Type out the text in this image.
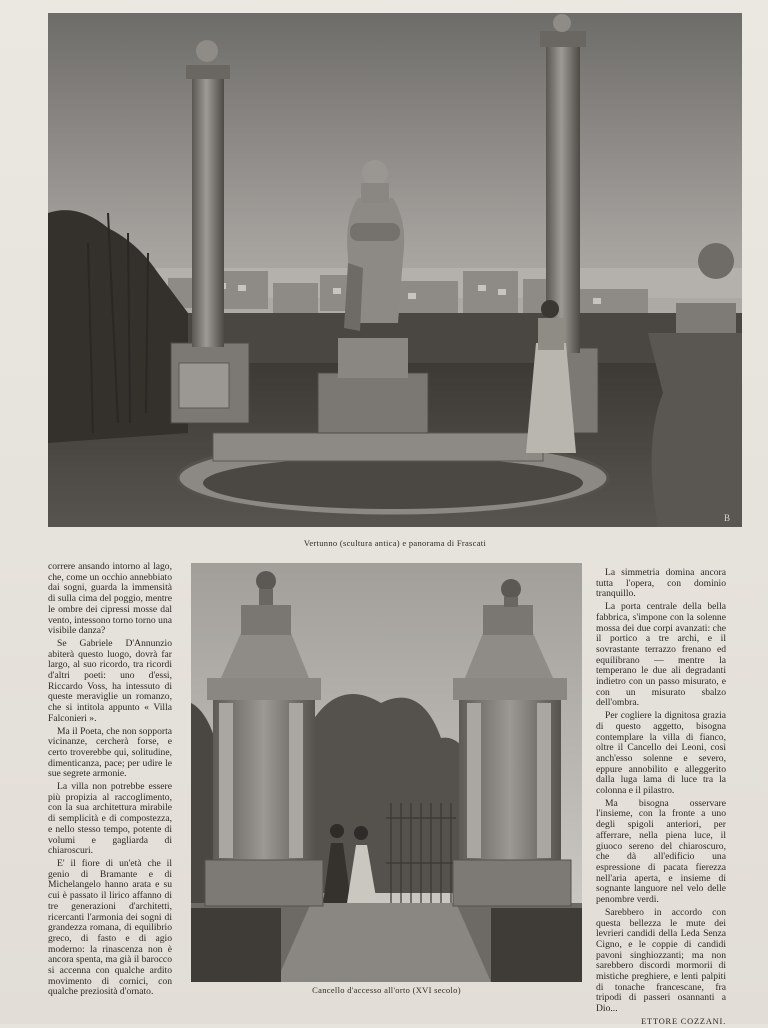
B
Vertunno (scultura antica) e panorama di Frascati

correre ansando intorno al lago, che, come un occhio annebbiato dai sogni, guarda la immensità di sulla cima del poggio, mentre le ombre dei cipressi mosse dal vento, intessono torno torno una visibile danza?

Se Gabriele D'Annunzio abiterà questo luogo, dovrà far largo, al suo ricordo, tra ricordi d'altri poeti: uno d'essi, Riccardo Voss, ha intessuto di queste meraviglie un romanzo, che si intitola appunto « Villa Falconieri ».

Ma il Poeta, che non sopporta vicinanze, cercherà forse, e certo troverebbe qui, solitudine, dimenticanza, pace; per udire le sue segrete armonie.

La villa non potrebbe essere più propizia al raccoglimento, con la sua architettura mirabile di semplicità e di compostezza, e nello stesso tempo, potente di volumi e gagliarda di chiaroscuri.

E' il fiore di un'età che il genio di Bramante e di Michelangelo hanno arata e su cui è passato il lirico affanno di tre generazioni d'architetti, ricercanti l'armonia dei sogni di grandezza romana, di equilibrio greco, di fasto e di agio moderno: la rinascenza non è ancora spenta, ma già il barocco si accenna con qualche ardito movimento di cornici, con qualche preziosità d'ornato.	Cancello d'accesso all'orto (XVI secolo)

La simmetria domina ancora tutta l'opera, con dominio tranquillo.

La porta centrale della bella fabbrica, s'impone con la solenne mossa dei due corpi avanzati: che il portico a tre archi, e il sovrastante terrazzo frenano ed equilibrano — mentre la temperano le due ali degradanti indietro con un passo misurato, e con un misurato sbalzo dell'ombra.

Per cogliere la dignitosa grazia di questo aggetto, bisogna contemplare la villa di fianco, oltre il Cancello dei Leoni, così anch'esso solenne e severo, eppure annobilito e alleggerito dalla luga lama di luce tra la colonna e il pilastro.

Ma bisogna osservare l'insieme, con la fronte a uno degli spigoli anteriori, per afferrare, nella piena luce, il giuoco sereno del chiaroscuro, che dà all'edificio una espressione di pacata fierezza nell'aria aperta, e insieme di sognante languore nel velo delle penombre verdi.

Sarebbero in accordo con questa bellezza le mute dei levrieri candidi della Leda Senza Cigno, e le coppie di candidi pavoni singhiozzanti; ma non sarebbero discordi mormorii di mistiche preghiere, e lenti palpiti di tonache francescane, fra tripodi di passeri osannanti a Dio...

ETTORE COZZANI.
